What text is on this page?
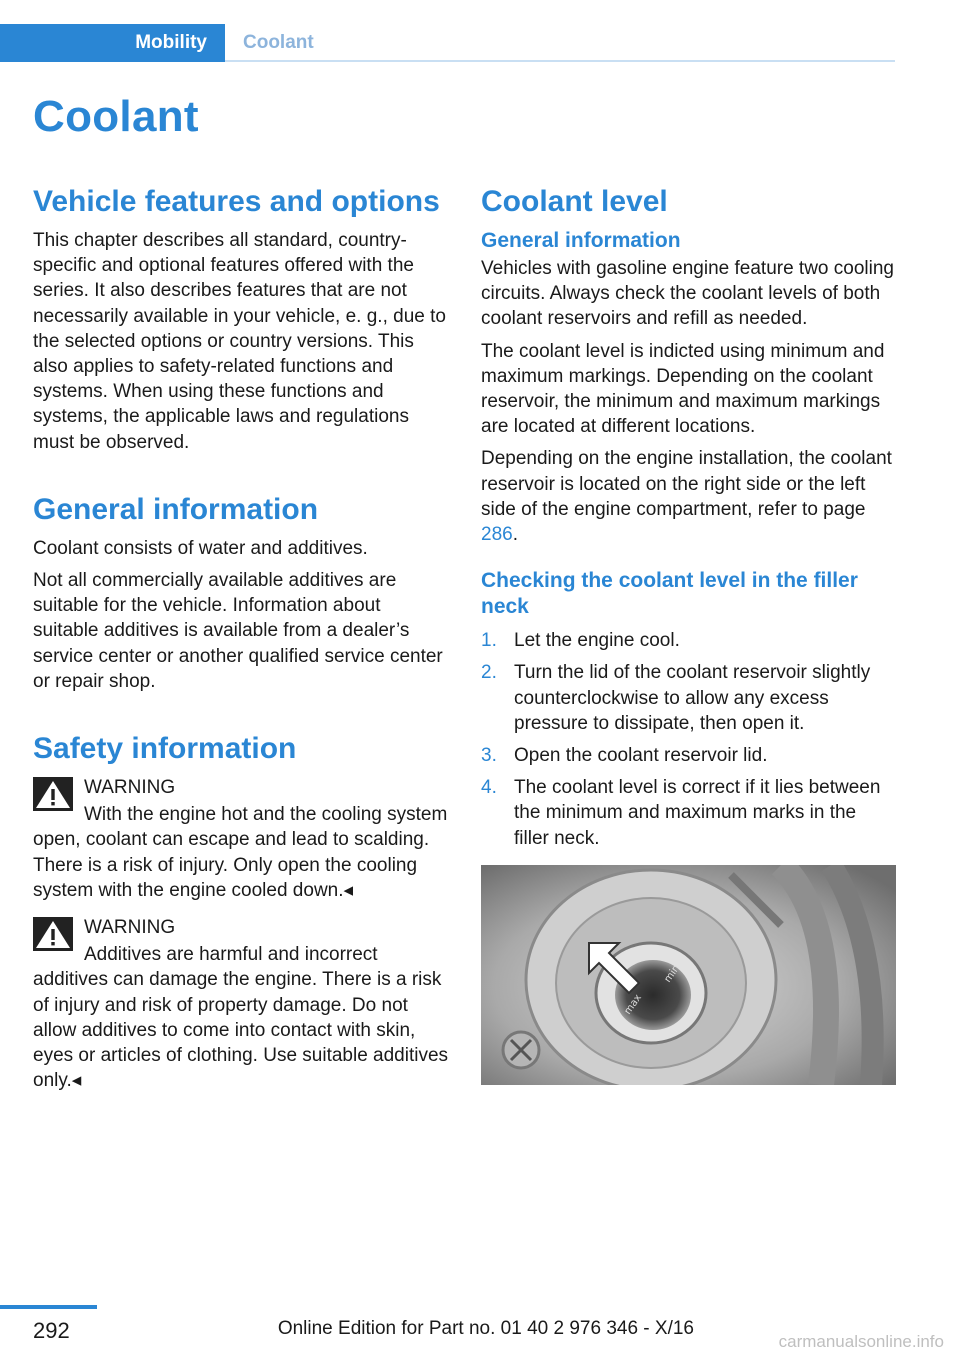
Mobility	Coolant
Coolant
Vehicle features and options

This chapter describes all standard, country-specific and optional features offered with the series. It also describes features that are not necessarily available in your vehicle, e. g., due to the selected options or country versions. This also applies to safety-related functions and systems. When using these functions and systems, the applicable laws and regulations must be observed.

General information

Coolant consists of water and additives.

Not all commercially available additives are suitable for the vehicle. Information about suitable additives is available from a dealer’s service center or another qualified service center or repair shop.

Safety information

WARNING

With the engine hot and the cooling system open, coolant can escape and lead to scalding. There is a risk of injury. Only open the cooling system with the engine cooled down.◂

WARNING

Additives are harmful and incorrect additives can damage the engine. There is a risk of injury and risk of property damage. Do not allow additives to come into contact with skin, eyes or articles of clothing. Use suitable additives only.◂

Coolant level
General information

Vehicles with gasoline engine feature two cooling circuits. Always check the coolant levels of both coolant reservoirs and refill as needed.

The coolant level is indicted using minimum and maximum markings. Depending on the coolant reservoir, the minimum and maximum markings are located at different locations.

Depending on the engine installation, the coolant reservoir is located on the right side or the left side of the engine compartment, refer to page 286.

Checking the coolant level in the filler neck
1. Let the engine cool.
2. Turn the lid of the coolant reservoir slightly counterclockwise to allow any excess pressure to dissipate, then open it.
3. Open the coolant reservoir lid.
4. The coolant level is correct if it lies between the minimum and maximum marks in the filler neck.
max
min
292	Online Edition for Part no. 01 40 2 976 346 - X/16
carmanualsonline.info
